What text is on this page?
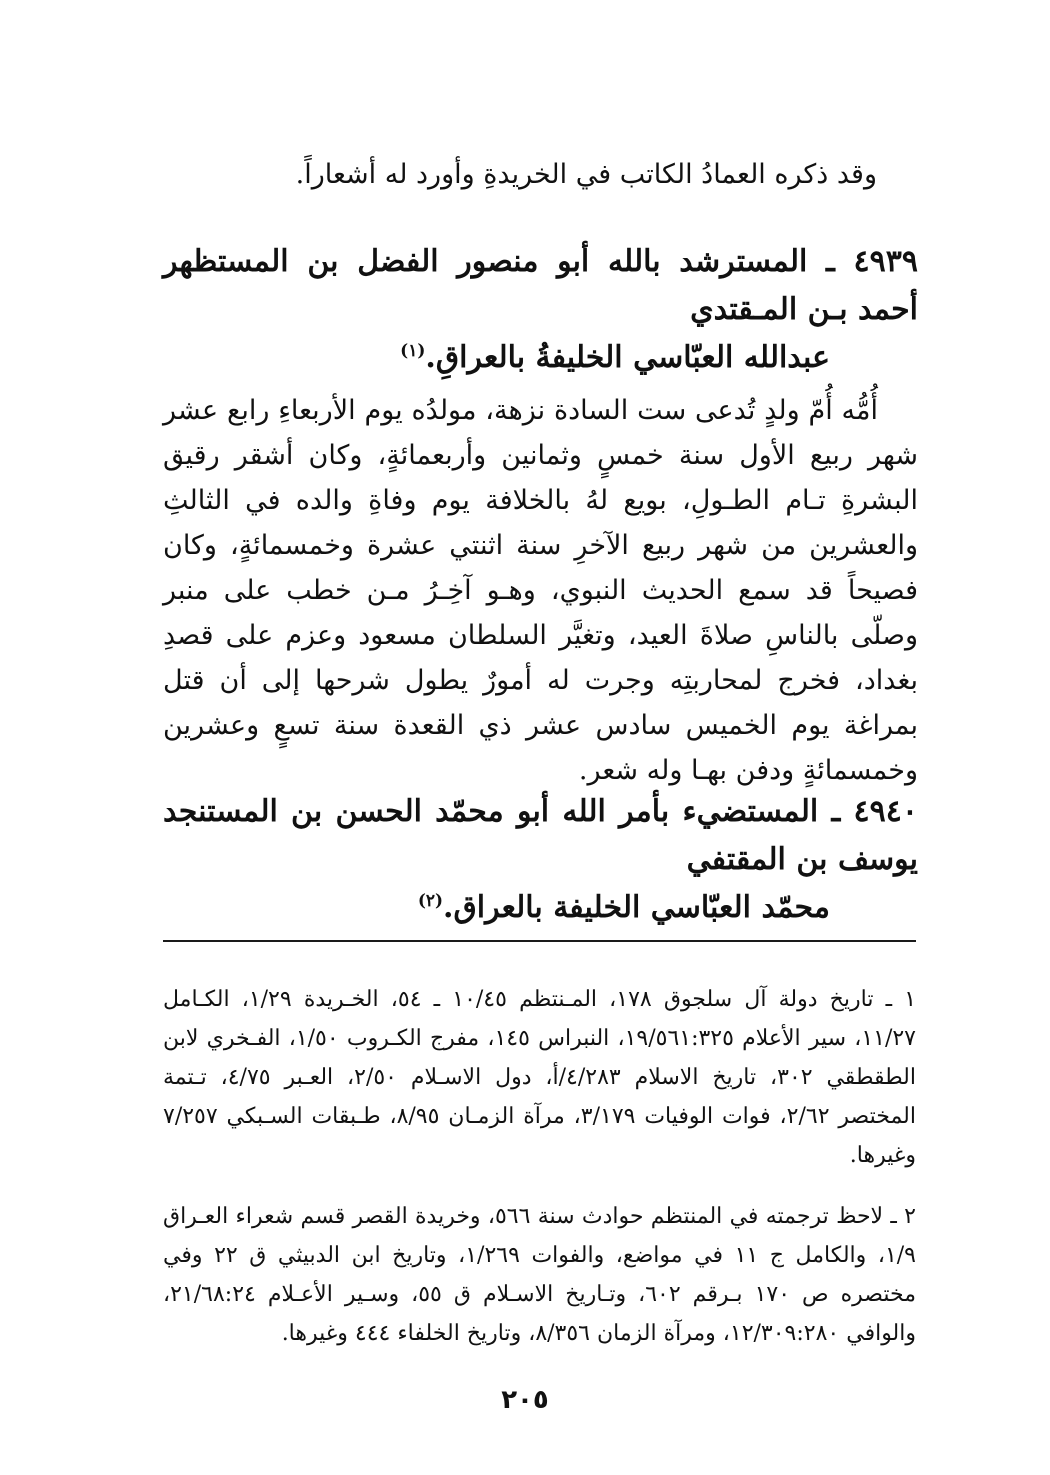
وقد ذكره العمادُ الكاتب في الخريدةِ وأورد له أشعاراً.

٤٩٣٩ ـ المسترشد بالله أبو منصور الفضل بن المستظهر أحمد بـن المـقتدي
عبدالله العبّاسي الخليفةُ بالعراقِ.$^{(١)}$
أُمُّه أُمّ ولدٍ تُدعى ست السادة نزهة، مولدُه يوم الأربعاءِ رابع عشر شهر ربيع الأول سنة خمسٍ وثمانين وأربعمائةٍ، وكان أشقر رقيق البشرةِ تـام الطـولِ، بويع لهُ بالخلافة يوم وفاةِ والده في الثالثِ والعشرين من شهر ربيع الآخرِ سنة اثنتي عشرة وخمسمائةٍ، وكان فصيحاً قد سمع الحديث النبوي، وهـو آخِـرُ مـن خطب على منبر وصلّى بالناسِ صلاةَ العيد، وتغيَّر السلطان مسعود وعزم على قصدِ بغداد، فخرج لمحاربتِه وجرت له أمورٌ يطول شرحها إلى أن قتل بمراغة يوم الخميس سادس عشر ذي القعدة سنة تسعٍ وعشرين وخمسمائةٍ ودفن بهـا وله شعر.
٤٩٤٠ ـ المستضيء بأمر الله أبو محمّد الحسن بن المستنجد يوسف بن المقتفي
محمّد العبّاسي الخليفة بالعراق.$^{(٢)}$

١ ـ تاريخ دولة آل سلجوق ١٧٨، المـنتظم ١٠/٤٥ ـ ٥٤، الخـريدة ١/٢٩، الكـامل ١١/٢٧، سير الأعلام ١٩/٥٦١:٣٢٥، النبراس ١٤٥، مفرج الكـروب ١/٥٠، الفـخري لابن الطقطقي ٣٠٢، تاريخ الاسلام ٤/٢٨٣/أ، دول الاسـلام ٢/٥٠، العـبر ٤/٧٥، تـتمة المختصر ٢/٦٢، فوات الوفيات ٣/١٧٩، مرآة الزمـان ٨/٩٥، طـبقات السـبكي ٧/٢٥٧ وغيرها.

٢ ـ لاحظ ترجمته في المنتظم حوادث سنة ٥٦٦، وخريدة القصر قسم شعراء العـراق ١/٩، والكامل ج ١١ في مواضع، والفوات ١/٢٦٩، وتاريخ ابن الدبيثي ق ٢٢ وفي مختصره ص ١٧٠ بـرقم ٦٠٢، وتـاريخ الاسـلام ق ٥٥، وسـير الأعـلام ٢١/٦٨:٢٤، والوافي ١٢/٣٠٩:٢٨٠، ومرآة الزمان ٨/٣٥٦، وتاريخ الخلفاء ٤٤٤ وغيرها.

٢٠٥
